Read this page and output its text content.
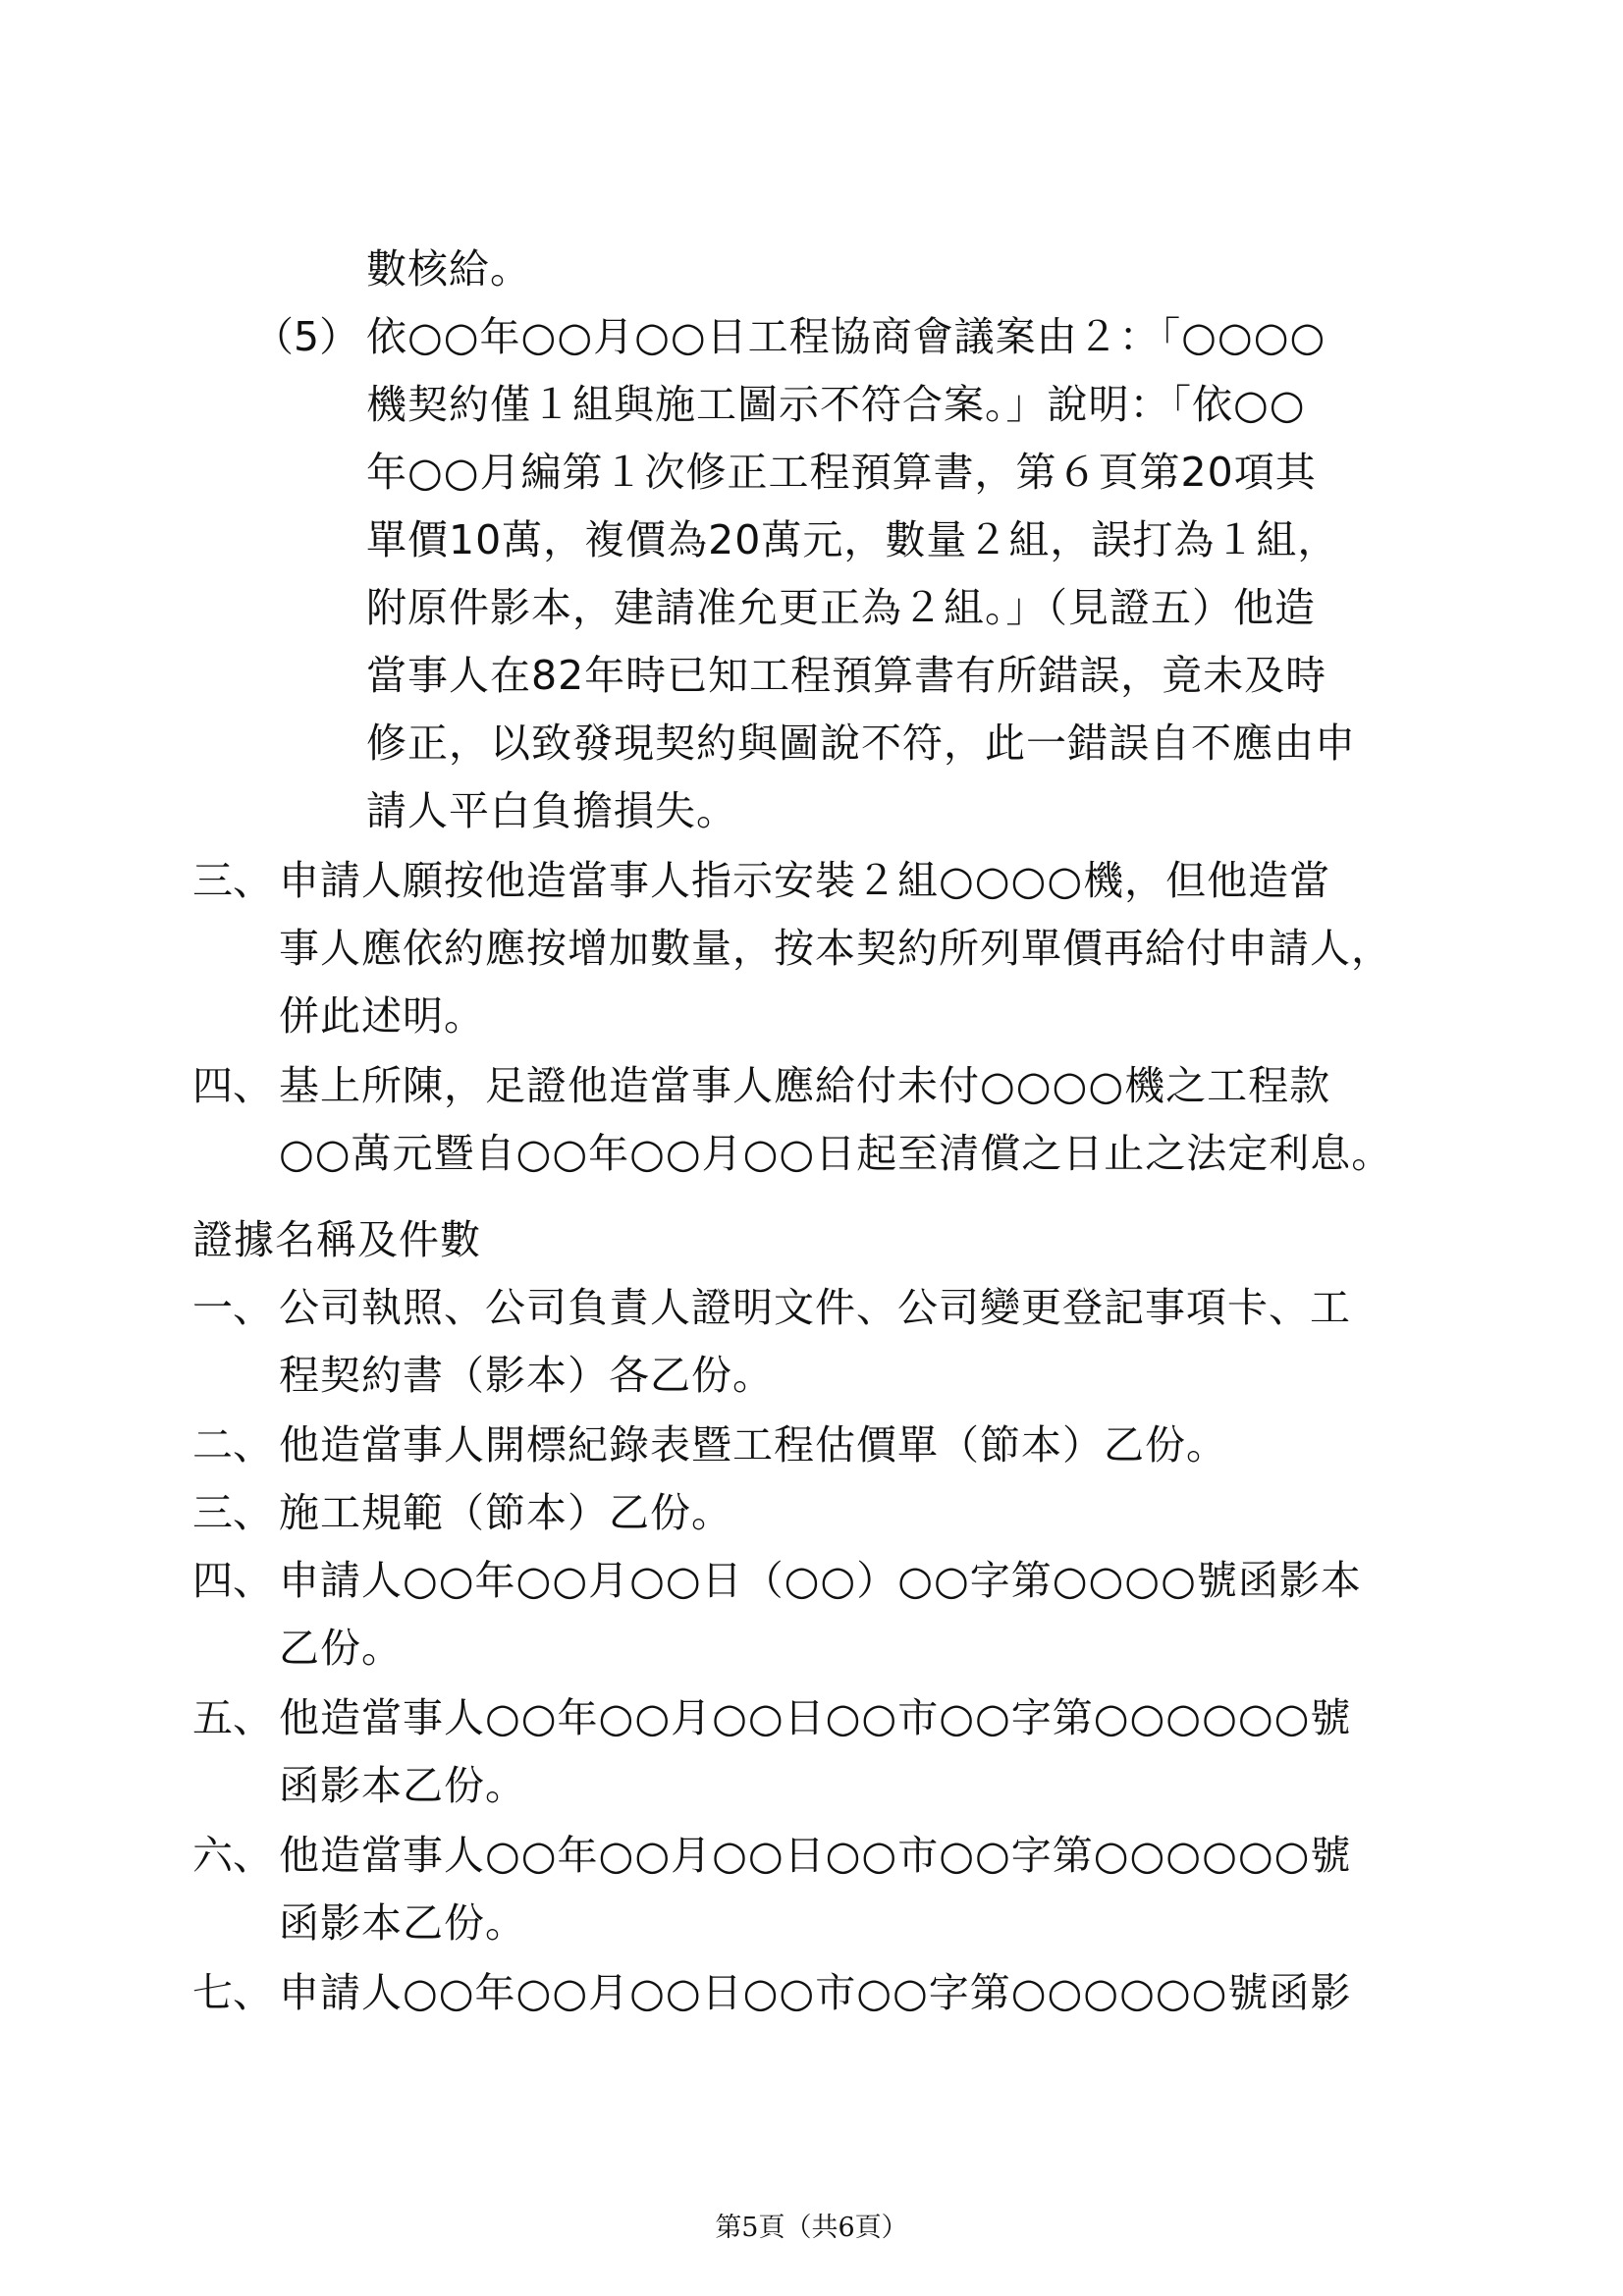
數核給。
（5） 依○○年○○月○○日工程協商會議案由２：「○○○○
機契約僅１組與施工圖示不符合案。」說明：「依○○
年○○月編第１次修正工程預算書，第６頁第20項其
單價10萬，複價為20萬元，數量２組，誤打為１組，
附原件影本，建請准允更正為２組。」（見證五）他造
當事人在82年時已知工程預算書有所錯誤，竟未及時
修正，以致發現契約與圖說不符，此一錯誤自不應由申
請人平白負擔損失。
三、 申請人願按他造當事人指示安裝２組○○○○機，但他造當
事人應依約應按增加數量，按本契約所列單價再給付申請人，
併此述明。
四、 基上所陳，足證他造當事人應給付未付○○○○機之工程款
○○萬元暨自○○年○○月○○日起至清償之日止之法定利息。
證據名稱及件數
一、 公司執照、公司負責人證明文件、公司變更登記事項卡、工
程契約書（影本）各乙份。
二、 他造當事人開標紀錄表暨工程估價單（節本）乙份。
三、 施工規範（節本）乙份。
四、 申請人○○年○○月○○日（○○）○○字第○○○○號函影本
乙份。
五、 他造當事人○○年○○月○○日○○市○○字第○○○○○○號
函影本乙份。
六、 他造當事人○○年○○月○○日○○市○○字第○○○○○○號
函影本乙份。
七、 申請人○○年○○月○○日○○市○○字第○○○○○○號函影
第5頁（共6頁）
